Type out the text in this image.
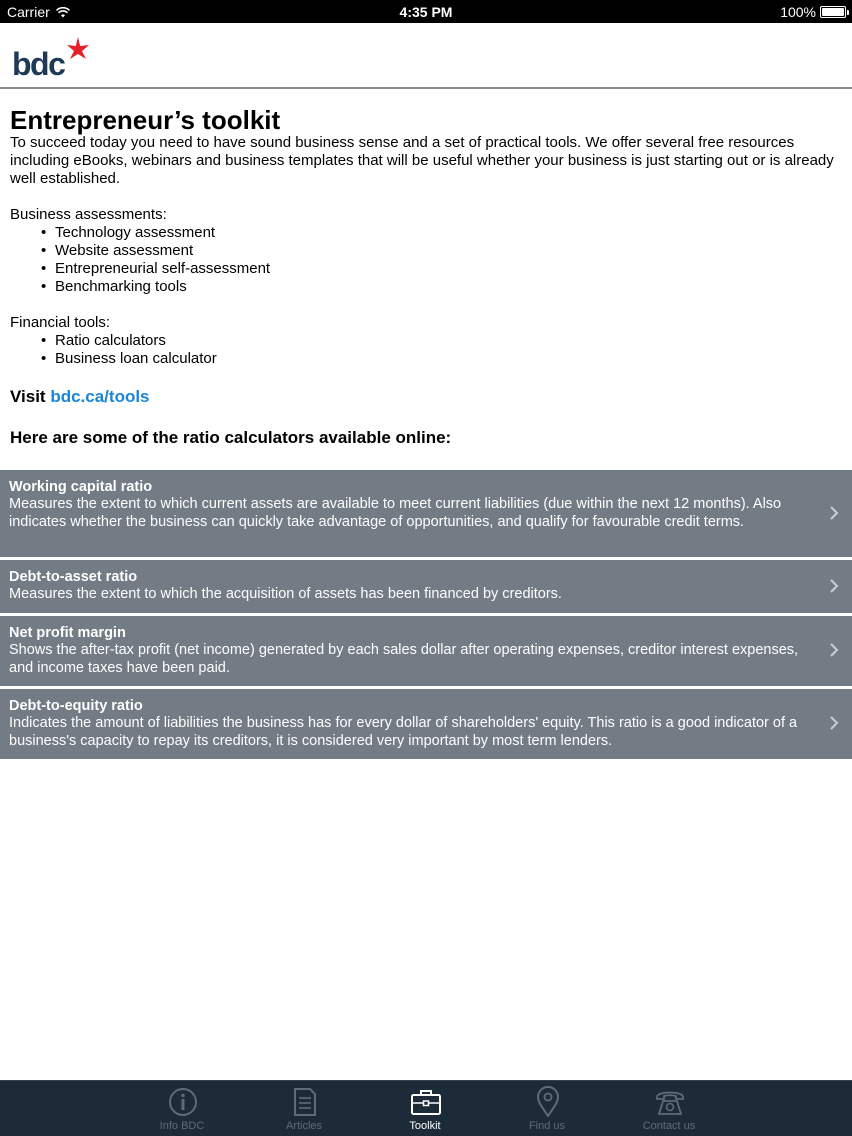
Carrier	4:35 PM	100%
bdc
Entrepreneur’s toolkit

To succeed today you need to have sound business sense and a set of practical tools. We offer several free resources including eBooks, webinars and business templates that will be useful whether your business is just starting out or is already well established.

Business assessments:

• Technology assessment
• Website assessment
• Entrepreneurial self-assessment
• Benchmarking tools

Financial tools:

• Ratio calculators
• Business loan calculator

Visit bdc.ca/tools

Here are some of the ratio calculators available online:

Working capital ratio
Measures the extent to which current assets are available to meet current liabilities (due within the next 12 months). Also indicates whether the business can quickly take advantage of opportunities, and qualify for favourable credit terms.
Debt-to-asset ratio
Measures the extent to which the acquisition of assets has been financed by creditors.
Net profit margin
Shows the after-tax profit (net income) generated by each sales dollar after operating expenses, creditor interest expenses, and income taxes have been paid.
Debt-to-equity ratio
Indicates the amount of liabilities the business has for every dollar of shareholders' equity. This ratio is a good indicator of a business's capacity to repay its creditors, it is considered very important by most term lenders.
Info BDC	Articles	Toolkit	Find us	Contact us
